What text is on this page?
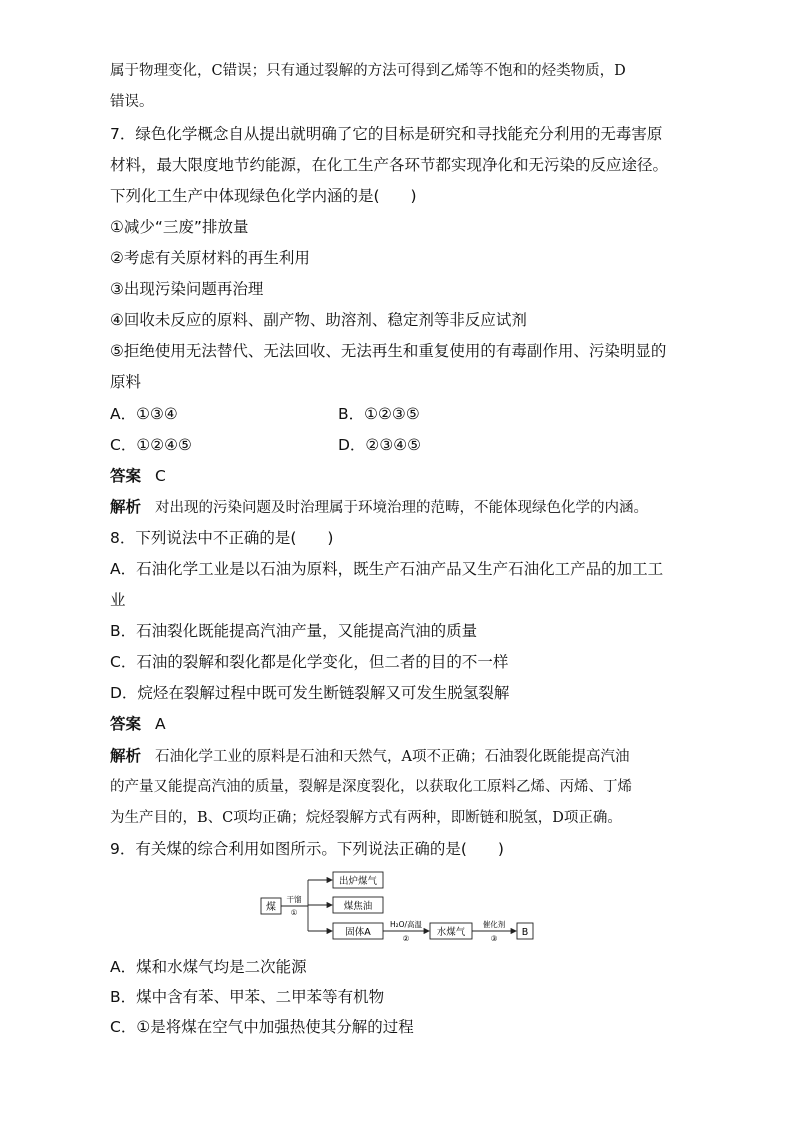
属于物理变化，C错误；只有通过裂解的方法可得到乙烯等不饱和的烃类物质，D
错误。
7．绿色化学概念自从提出就明确了它的目标是研究和寻找能充分利用的无毒害原
材料，最大限度地节约能源，在化工生产各环节都实现净化和无污染的反应途径。
下列化工生产中体现绿色化学内涵的是(　　)
①减少“三废”排放量
②考虑有关原材料的再生利用
③出现污染问题再治理
④回收未反应的原料、副产物、助溶剂、稳定剂等非反应试剂
⑤拒绝使用无法替代、无法回收、无法再生和重复使用的有毒副作用、污染明显的
原料
A．①③④	B．①②③⑤
C．①②④⑤	D．②③④⑤
答案 C
解析 对出现的污染问题及时治理属于环境治理的范畴，不能体现绿色化学的内涵。
8．下列说法中不正确的是(　　)
A．石油化学工业是以石油为原料，既生产石油产品又生产石油化工产品的加工工
业
B．石油裂化既能提高汽油产量，又能提高汽油的质量
C．石油的裂解和裂化都是化学变化，但二者的目的不一样
D．烷烃在裂解过程中既可发生断链裂解又可发生脱氢裂解
答案 A
解析 石油化学工业的原料是石油和天然气，A项不正确；石油裂化既能提高汽油
的产量又能提高汽油的质量，裂解是深度裂化，以获取化工原料乙烯、丙烯、丁烯
为生产目的，B、C项均正确；烷烃裂解方式有两种，即断链和脱氢，D项正确。
9．有关煤的综合利用如图所示。下列说法正确的是(　　)
煤
干馏
①
出炉煤气
煤焦油
固体A
H₂O/高温
②
水煤气
催化剂
③
B
A．煤和水煤气均是二次能源
B．煤中含有苯、甲苯、二甲苯等有机物
C．①是将煤在空气中加强热使其分解的过程
